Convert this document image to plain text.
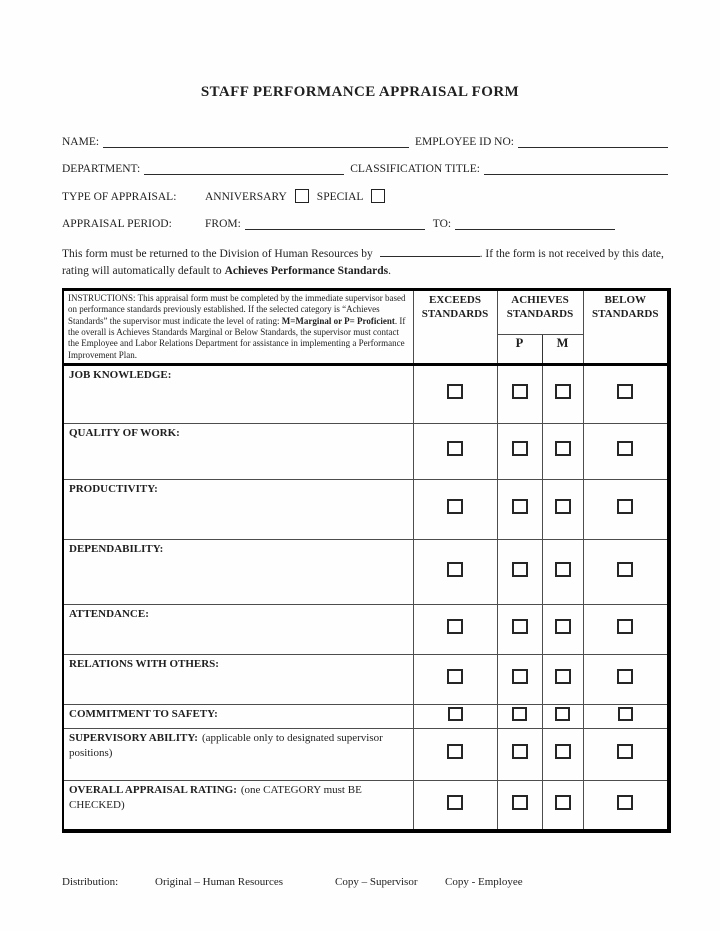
STAFF PERFORMANCE APPRAISAL FORM
NAME:	EMPLOYEE ID NO:
DEPARTMENT:	CLASSIFICATION TITLE:
TYPE OF APPRAISAL:	ANNIVERSARY	SPECIAL
APPRAISAL PERIOD:	FROM:	TO:
This form must be returned to the Division of Human Resources by	. If the form is not received by this date, rating will automatically default to Achieves Performance Standards.
INSTRUCTIONS: This appraisal form must be completed by the immediate supervisor based on performance standards previously established. If the selected category is “Achieves Standards” the supervisor must indicate the level of rating: M=Marginal or P= Proficient. If the overall is Achieves Standards Marginal or Below Standards, the supervisor must contact the Employee and Labor Relations Department for assistance in implementing a Performance Improvement Plan.	EXCEEDS STANDARDS	ACHIEVES STANDARDS		BELOW STANDARDS
		P	M	
JOB KNOWLEDGE:				
QUALITY OF WORK:				
PRODUCTIVITY:				
DEPENDABILITY:				
ATTENDANCE:				
RELATIONS WITH OTHERS:				
COMMITMENT TO SAFETY:				
SUPERVISORY ABILITY: (applicable only to designated supervisor positions)				
OVERALL APPRAISAL RATING: (one CATEGORY must BE CHECKED)				
Distribution:	Original – Human Resources	Copy – Supervisor	Copy - Employee
